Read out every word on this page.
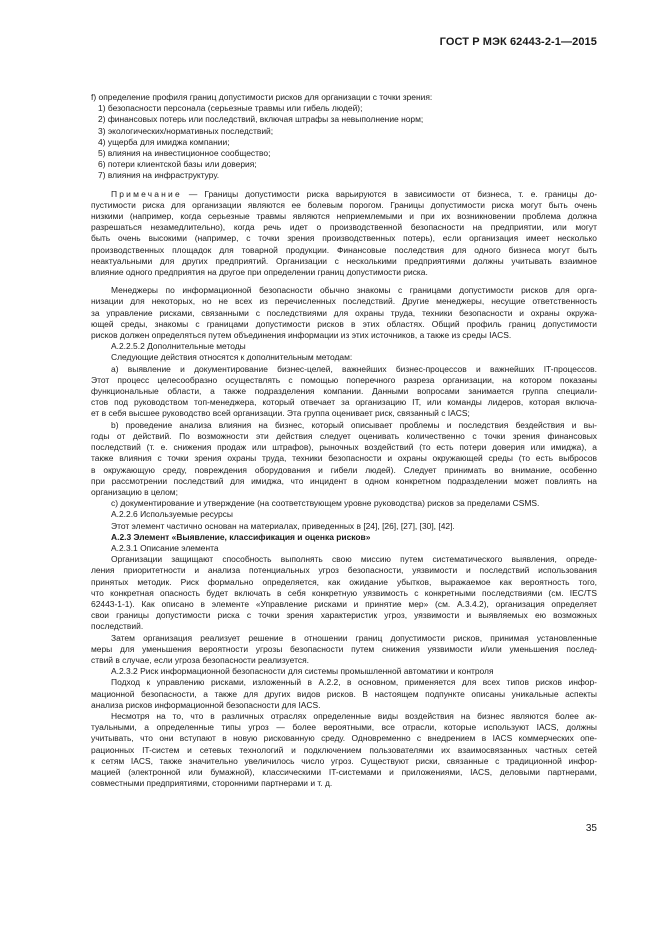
ГОСТ Р МЭК 62443-2-1—2015

f) определение профиля границ допустимости рисков для организации с точки зрения:

1) безопасности персонала (серьезные травмы или гибель людей);

2) финансовых потерь или последствий, включая штрафы за невыполнение норм;

3) экологических/нормативных последствий;

4) ущерба для имиджа компании;

5) влияния на инвестиционное сообщество;

6) потери клиентской базы или доверия;

7) влияния на инфраструктуру.

Примечание — Границы допустимости риска варьируются в зависимости от бизнеса, т. е. границы до-

пустимости риска для организации являются ее болевым порогом. Границы допустимости риска могут быть очень

низкими (например, когда серьезные травмы являются неприемлемыми и при их возникновении проблема должна

разрешаться незамедлительно), когда речь идет о производственной безопасности на предприятии, или могут

быть очень высокими (например, с точки зрения производственных потерь), если организация имеет несколько

производственных площадок для товарной продукции. Финансовые последствия для одного бизнеса могут быть

неактуальными для других предприятий. Организации с несколькими предприятиями должны учитывать взаимное

влияние одного предприятия на другое при определении границ допустимости риска.

Менеджеры по информационной безопасности обычно знакомы с границами допустимости рисков для орга-

низации для некоторых, но не всех из перечисленных последствий. Другие менеджеры, несущие ответственность

за управление рисками, связанными с последствиями для охраны труда, техники безопасности и охраны окружа-

ющей среды, знакомы с границами допустимости рисков в этих областях. Общий профиль границ допустимости

рисков должен определяться путем объединения информации из этих источников, а также из среды IACS.

A.2.2.5.2 Дополнительные методы

Следующие действия относятся к дополнительным методам:

a) выявление и документирование бизнес-целей, важнейших бизнес-процессов и важнейших IT-процессов.

Этот процесс целесообразно осуществлять с помощью поперечного разреза организации, на котором показаны

функциональные области, а также подразделения компании. Данными вопросами занимается группа специали-

стов под руководством топ-менеджера, который отвечает за организацию IT, или команды лидеров, которая включа-

ет в себя высшее руководство всей организации. Эта группа оценивает риск, связанный с IACS;

b) проведение анализа влияния на бизнес, который описывает проблемы и последствия бездействия и вы-

годы от действий. По возможности эти действия следует оценивать количественно с точки зрения финансовых

последствий (т. е. снижения продаж или штрафов), рыночных воздействий (то есть потери доверия или имиджа), а

также влияния с точки зрения охраны труда, техники безопасности и охраны окружающей среды (то есть выбросов

в окружающую среду, повреждения оборудования и гибели людей). Следует принимать во внимание, особенно

при рассмотрении последствий для имиджа, что инцидент в одном конкретном подразделении может повлиять на

организацию в целом;

c) документирование и утверждение (на соответствующем уровне руководства) рисков за пределами CSMS.

A.2.2.6 Используемые ресурсы

Этот элемент частично основан на материалах, приведенных в [24], [26], [27], [30], [42].

A.2.3 Элемент «Выявление, классификация и оценка рисков»

A.2.3.1 Описание элемента

Организации защищают способность выполнять свою миссию путем систематического выявления, опреде-

ления приоритетности и анализа потенциальных угроз безопасности, уязвимости и последствий использования

принятых методик. Риск формально определяется, как ожидание убытков, выражаемое как вероятность того,

что конкретная опасность будет включать в себя конкретную уязвимость с конкретными последствиями (см. IEC/TS

62443-1-1). Как описано в элементе «Управление рисками и принятие мер» (см. A.3.4.2), организация определяет

свои границы допустимости риска с точки зрения характеристик угроз, уязвимости и выявляемых ею возможных

последствий.

Затем организация реализует решение в отношении границ допустимости рисков, принимая установленные

меры для уменьшения вероятности угрозы безопасности путем снижения уязвимости и/или уменьшения послед-

ствий в случае, если угроза безопасности реализуется.

A.2.3.2 Риск информационной безопасности для системы промышленной автоматики и контроля

Подход к управлению рисками, изложенный в A.2.2, в основном, применяется для всех типов рисков инфор-

мационной безопасности, а также для других видов рисков. В настоящем подпункте описаны уникальные аспекты

анализа рисков информационной безопасности для IACS.

Несмотря на то, что в различных отраслях определенные виды воздействия на бизнес являются более ак-

туальными, а определенные типы угроз — более вероятными, все отрасли, которые используют IACS, должны

учитывать, что они вступают в новую рискованную среду. Одновременно с внедрением в IACS коммерческих опе-

рационных IT-систем и сетевых технологий и подключением пользователями их взаимосвязанных частных сетей

к сетям IACS, также значительно увеличилось число угроз. Существуют риски, связанные с традиционной инфор-

мацией (электронной или бумажной), классическими IT-системами и приложениями, IACS, деловыми партнерами,

совместными предприятиями, сторонними партнерами и т. д.

35
